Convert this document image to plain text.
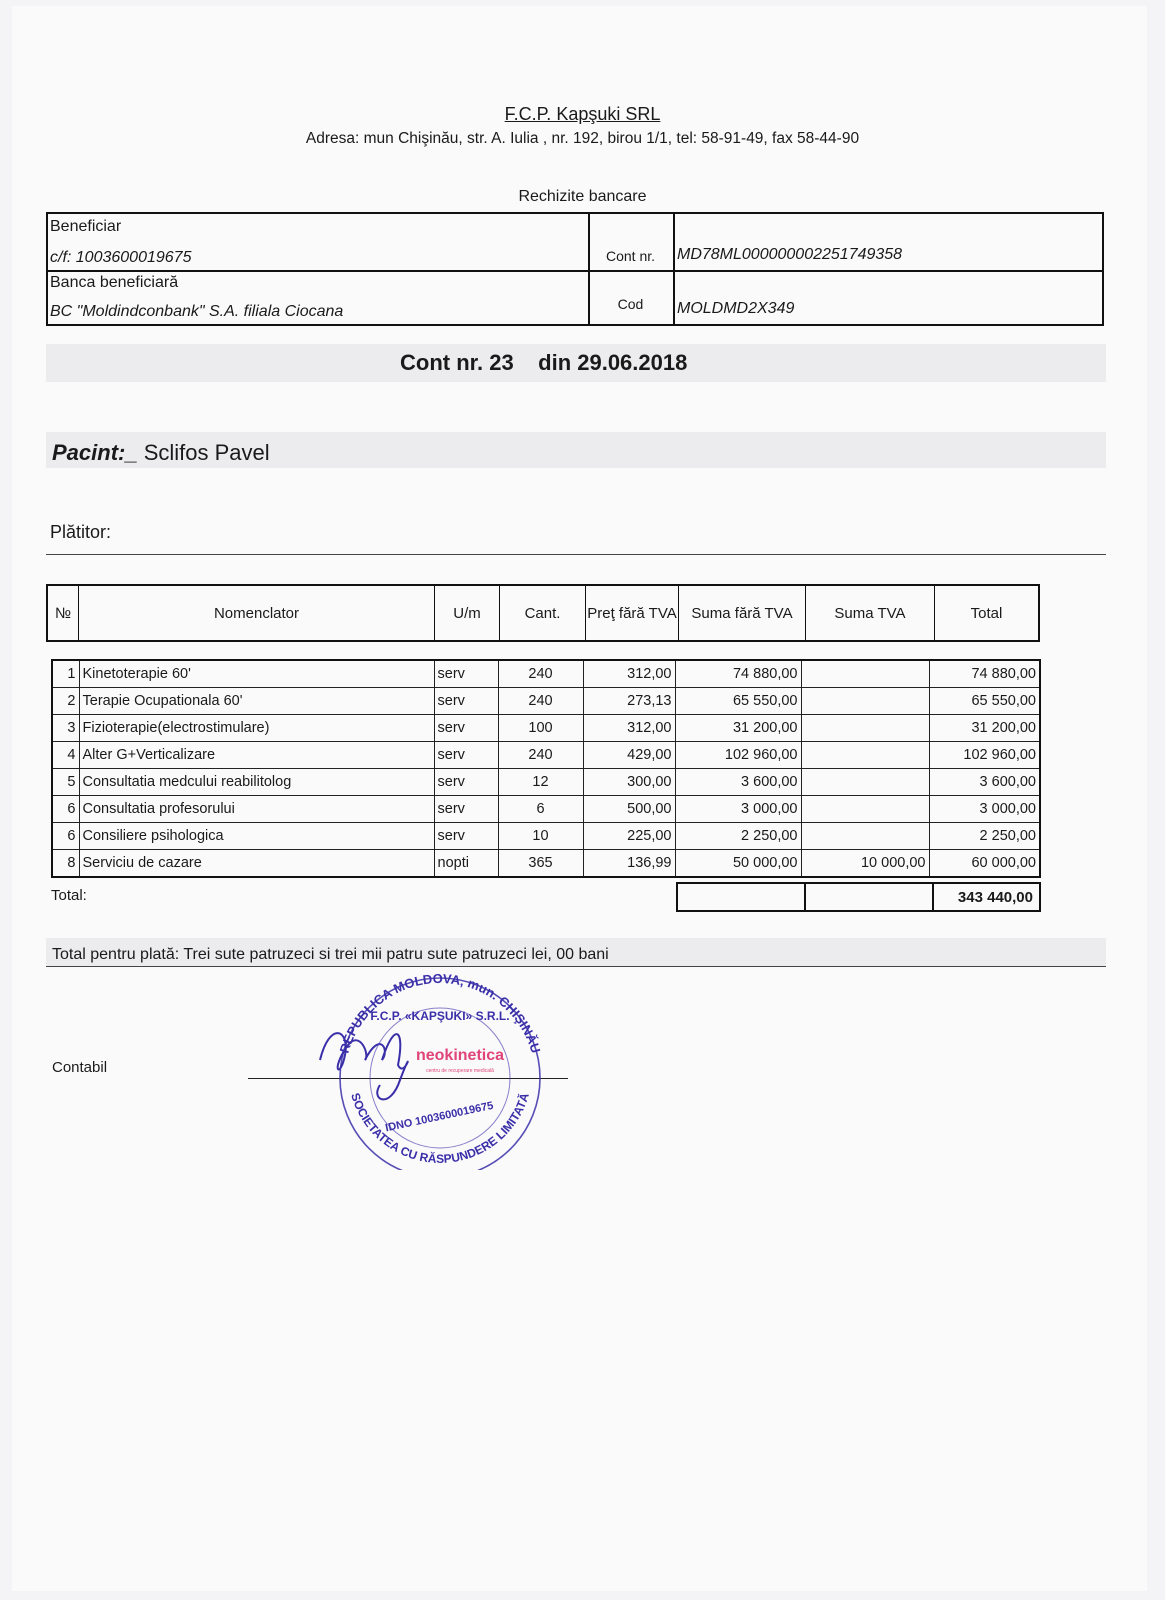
F.C.P. Kapşuki SRL
Adresa: mun Chişinău, str. A. Iulia , nr. 192, birou 1/1, tel: 58-91-49, fax 58-44-90
Rechizite bancare
Beneficiar
c/f: 1003600019675	Cont nr.	MD78ML000000002251749358
Banca beneficiară
BC "Moldindconbank" S.A. filiala Ciocana	Cod	MOLDMD2X349
Cont nr. 23 din 29.06.2018
Pacint:_ Sclifos Pavel
Plătitor:
№	Nomenclator	U/m	Cant.	Preţ fără TVA	Suma fără TVA	Suma TVA	Total
1	Kinetoterapie 60'	serv	240	312,00	74 880,00		74 880,00
2	Terapie Ocupationala 60'	serv	240	273,13	65 550,00		65 550,00
3	Fizioterapie(electrostimulare)	serv	100	312,00	31 200,00		31 200,00
4	Alter G+Verticalizare	serv	240	429,00	102 960,00		102 960,00
5	Consultatia medcului reabilitolog	serv	12	300,00	3 600,00		3 600,00
6	Consultatia profesorului	serv	6	500,00	3 000,00		3 000,00
6	Consiliere psihologica	serv	10	225,00	2 250,00		2 250,00
8	Serviciu de cazare	nopti	365	136,99	50 000,00	10 000,00	60 000,00
Total:	343 440,00
Total pentru plată: Trei sute patruzeci si trei mii patru sute patruzeci lei, 00 bani
Contabil
REPUBLICA MOLDOVA, mun. CHIŞINĂU
SOCIETATEA CU RĂSPUNDERE LIMITATĂ
F.C.P. «KAPŞUKI» S.R.L.
neokinetica
centru de recuperare medicală
IDNO 1003600019675
